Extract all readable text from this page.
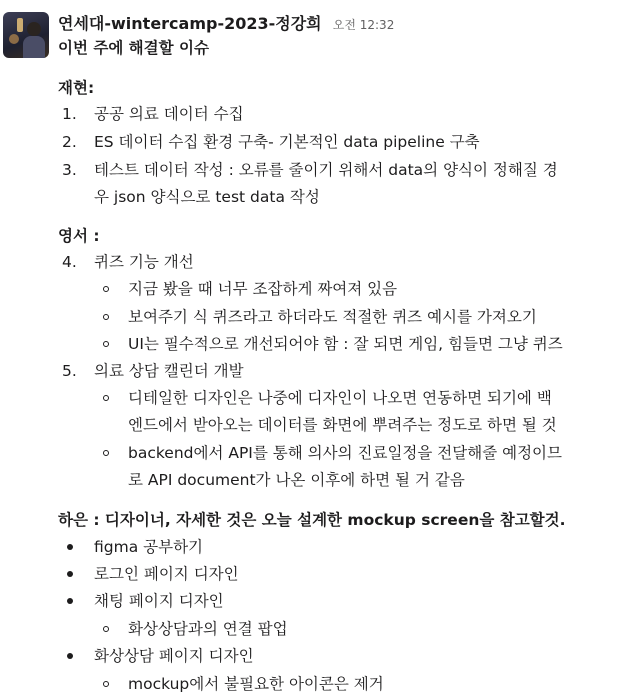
연세대-wintercamp-2023-정강희 오전 12:32
이번 주에 해결할 이슈
재현:
1. 공공 의료 데이터 수집
2. ES 데이터 수집 환경 구축- 기본적인 data pipeline 구축
3. 테스트 데이터 작성 : 오류를 줄이기 위해서 data의 양식이 정해질 경
우 json 양식으로 test data 작성
영서 :
4. 퀴즈 기능 개선
지금 봤을 때 너무 조잡하게 짜여져 있음
보여주기 식 퀴즈라고 하더라도 적절한 퀴즈 예시를 가져오기
UI는 필수적으로 개선되어야 함 : 잘 되면 게임, 힘들면 그냥 퀴즈
5. 의료 상담 캘린더 개발
디테일한 디자인은 나중에 디자인이 나오면 연동하면 되기에 백
엔드에서 받아오는 데이터를 화면에 뿌려주는 정도로 하면 될 것
backend에서 API를 통해 의사의 진료일정을 전달해줄 예정이므
로 API document가 나온 이후에 하면 될 거 같음
하은 : 디자이너, 자세한 것은 오늘 설계한 mockup screen을 참고할것.
figma 공부하기
로그인 페이지 디자인
채팅 페이지 디자인
화상상담과의 연결 팝업
화상상담 페이지 디자인
mockup에서 불필요한 아이콘은 제거
